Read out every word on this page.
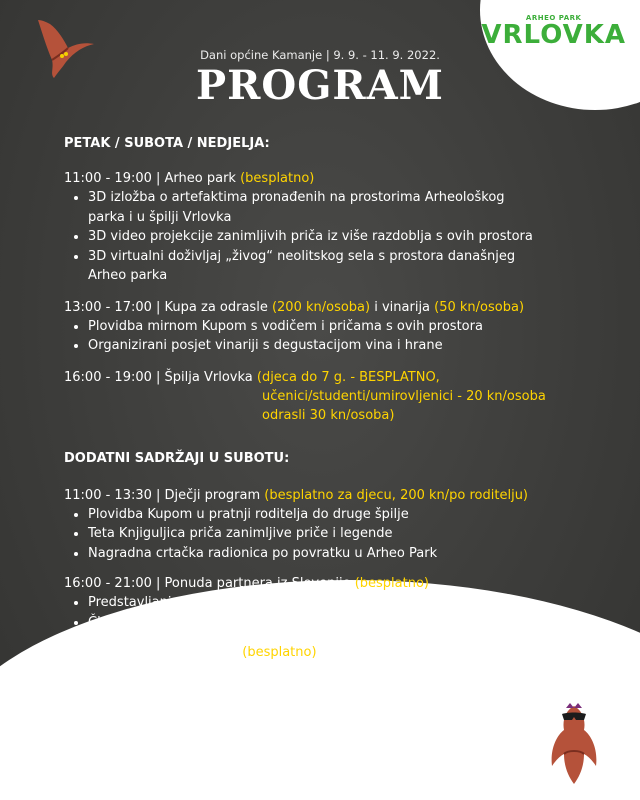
ARHEO PARK
VRLOVKA
Dani općine Kamanje | 9. 9. - 11. 9. 2022.
PROGRAM

PETAK / SUBOTA / NEDJELJA:

11:00 - 19:00 | Arheo park (besplatno)

3D izložba o artefaktima pronađenih na prostorima Arheološkog
parka i u špilji Vrlovka
3D video projekcije zanimljivih priča iz više razdoblja s ovih prostora
3D virtualni doživljaj „živog“ neolitskog sela s prostora današnjeg
Arheo parka

13:00 - 17:00 | Kupa za odrasle (200 kn/osoba) i vinarija (50 kn/osoba)

Plovidba mirnom Kupom s vodičem i pričama s ovih prostora
Organizirani posjet vinariji s degustacijom vina i hrane

16:00 - 19:00 | Špilja Vrlovka (djeca do 7 g. - BESPLATNO,

učenici/studenti/umirovljenici - 20 kn/osoba
odrasli 30 kn/osoba)

DODATNI SADRŽAJI U SUBOTU:

11:00 - 13:30 | Dječji program (besplatno za djecu, 200 kn/po roditelju)

Plovidba Kupom u pratnji roditelja do druge špilje
Teta Knjiguljica priča zanimljive priče i legende
Nagradna crtačka radionica po povratku u Arheo Park

16:00 - 21:00 | Ponuda partnera iz Slovenije (besplatno)

Predstavljanje kulturne i turističke ponude Semiča
Članice PGD Črešnjevac pripremaju slatke i slane kolače iz pećnice

od 21:00 i traje... dok traje (besplatno)

Logorska vatra i druženje s arheologom
Osobno kulinarstvo uz logorsku vatru
Ponuda povrća i suhomesnatih proizvoda lokalnih OPG-a
